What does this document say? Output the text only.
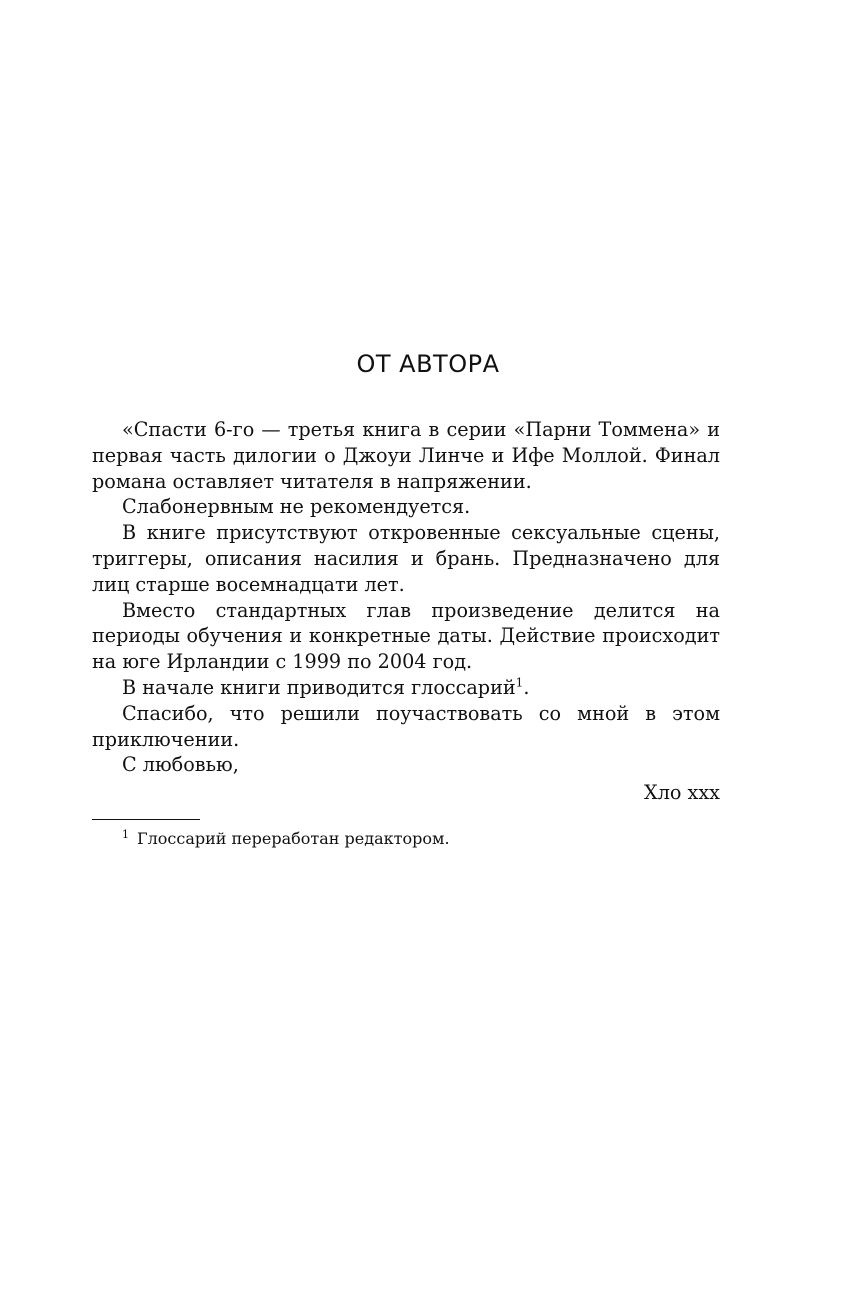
ОТ АВТОРА

«Спасти 6-го — третья книга в серии «Парни Томмена» и первая часть дилогии о Джоуи Линче и Ифе Моллой. Финал романа оставляет читателя в напряжении.

Слабонервным не рекомендуется.

В книге присутствуют откровенные сексуальные сцены, триггеры, описания насилия и брань. Предназначено для лиц старше восемнадцати лет.

Вместо стандартных глав произведение делится на периоды обучения и конкретные даты. Действие происходит на юге Ирландии с 1999 по 2004 год.

В начале книги приводится глоссарий$^1$.

Спасибо, что решили поучаствовать со мной в этом приключении.

С любовью,

Хло xxx

$^1$ Глоссарий переработан редактором.
